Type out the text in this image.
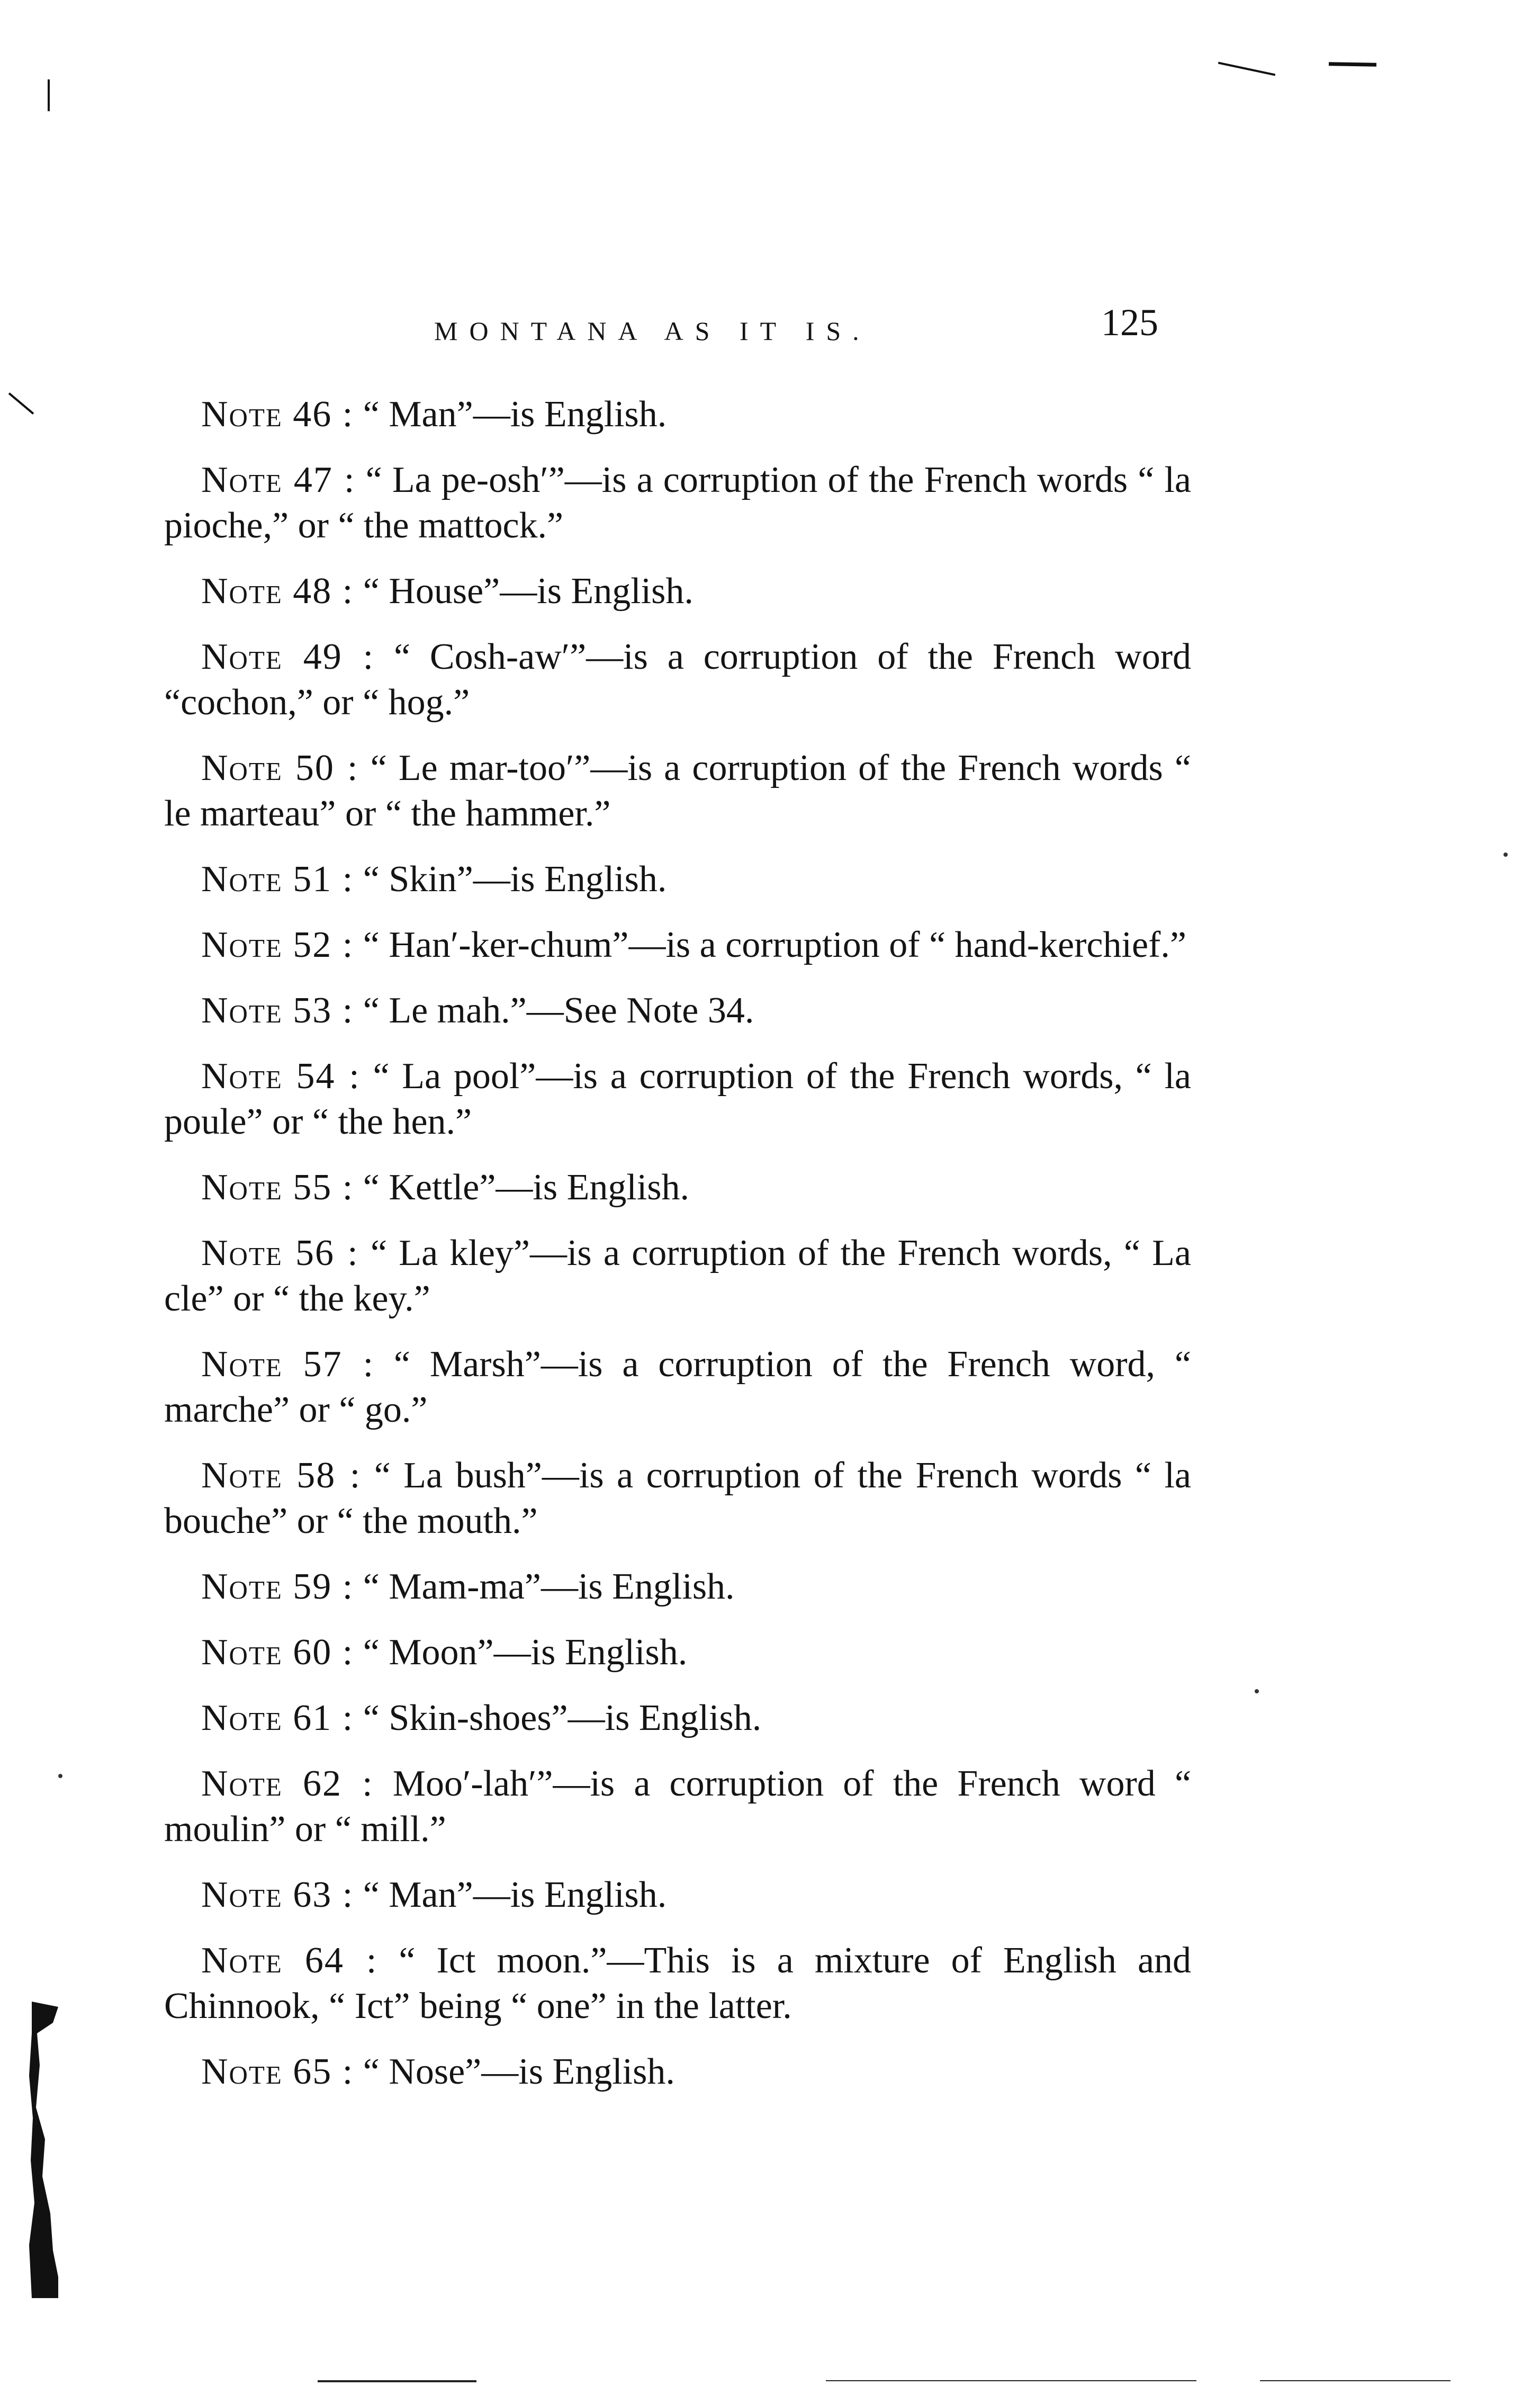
MONTANA AS IT IS.	125

Note 46 : “ Man”—is English.

Note 47 : “ La pe-osh′”—is a corruption of the French words “ la pioche,” or “ the mattock.”

Note 48 : “ House”—is English.

Note 49 : “ Cosh-aw′”—is a corruption of the French word “cochon,” or “ hog.”

Note 50 : “ Le mar-too′”—is a corruption of the French words “ le marteau” or “ the hammer.”

Note 51 : “ Skin”—is English.

Note 52 : “ Han′-ker-chum”—is a corruption of “ hand-kerchief.”

Note 53 : “ Le mah.”—See Note 34.

Note 54 : “ La pool”—is a corruption of the French words, “ la poule” or “ the hen.”

Note 55 : “ Kettle”—is English.

Note 56 : “ La kley”—is a corruption of the French words, “ La cle” or “ the key.”

Note 57 : “ Marsh”—is a corruption of the French word, “ marche” or “ go.”

Note 58 : “ La bush”—is a corruption of the French words “ la bouche” or “ the mouth.”

Note 59 : “ Mam-ma”—is English.

Note 60 : “ Moon”—is English.

Note 61 : “ Skin-shoes”—is English.

Note 62 : Moo′-lah′”—is a corruption of the French word “ moulin” or “ mill.”

Note 63 : “ Man”—is English.

Note 64 : “ Ict moon.”—This is a mixture of English and Chinnook, “ Ict” being “ one” in the latter.

Note 65 : “ Nose”—is English.
